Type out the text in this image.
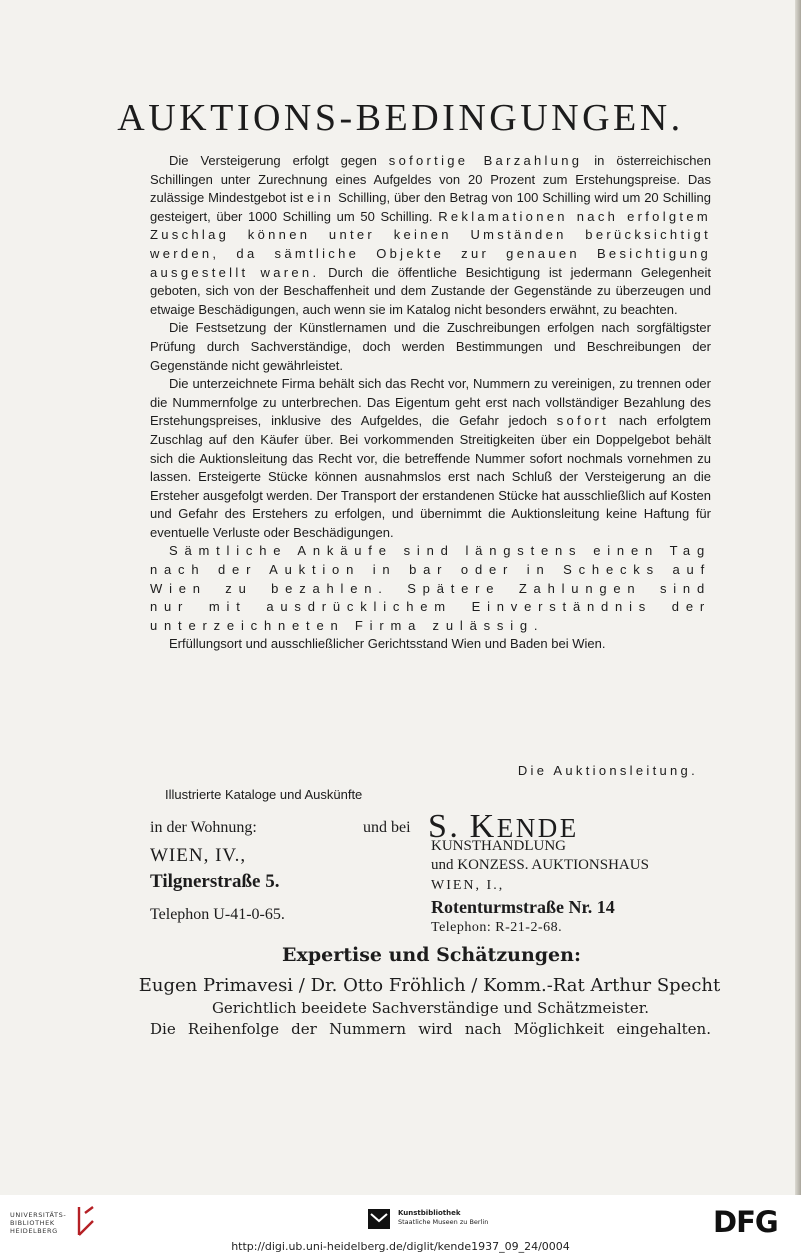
AUKTIONS-BEDINGUNGEN.

Die Versteigerung erfolgt gegen sofortige Barzahlung in österreichischen Schillingen unter Zurechnung eines Aufgeldes von 20 Prozent zum Erstehungspreise. Das zulässige Mindestgebot ist ein Schilling, über den Betrag von 100 Schilling wird um 20 Schilling gesteigert, über 1000 Schilling um 50 Schilling. Reklamationen nach erfolgtem Zuschlag können unter keinen Umständen berücksichtigt werden, da sämtliche Objekte zur genauen Besichtigung ausgestellt waren. Durch die öffentliche Besichtigung ist jedermann Gelegenheit geboten, sich von der Beschaffenheit und dem Zustande der Gegenstände zu überzeugen und etwaige Beschädigungen, auch wenn sie im Katalog nicht besonders erwähnt, zu beachten.

Die Festsetzung der Künstlernamen und die Zuschreibungen erfolgen nach sorgfältigster Prüfung durch Sachverständige, doch werden Bestimmungen und Beschreibungen der Gegenstände nicht gewährleistet.

Die unterzeichnete Firma behält sich das Recht vor, Nummern zu vereinigen, zu trennen oder die Nummernfolge zu unterbrechen. Das Eigentum geht erst nach vollständiger Bezahlung des Erstehungspreises, inklusive des Aufgeldes, die Gefahr jedoch sofort nach erfolgtem Zuschlag auf den Käufer über. Bei vorkommenden Streitigkeiten über ein Doppelgebot behält sich die Auktionsleitung das Recht vor, die betreffende Nummer sofort nochmals vornehmen zu lassen. Ersteigerte Stücke können ausnahmslos erst nach Schluß der Versteigerung an die Ersteher ausgefolgt werden. Der Transport der erstandenen Stücke hat ausschließlich auf Kosten und Gefahr des Erstehers zu erfolgen, und übernimmt die Auktionsleitung keine Haftung für eventuelle Verluste oder Beschädigungen.

Sämtliche Ankäufe sind längstens einen Tag nach der Auktion in bar oder in Schecks auf Wien zu bezahlen. Spätere Zahlungen sind nur mit ausdrücklichem Einverständnis der unterzeichneten Firma zulässig.

Erfüllungsort und ausschließlicher Gerichtsstand Wien und Baden bei Wien.

Die Auktionsleitung.
Illustrierte Kataloge und Auskünfte
in der Wohnung:
WIEN, IV.,
Tilgnerstraße 5.
Telephon U-41-0-65.
und bei S. KENDE
KUNSTHANDLUNG
und KONZESS. AUKTIONSHAUS
WIEN, I.,
Rotenturmstraße Nr. 14
Telephon: R-21-2-68.
Expertise und Schätzungen:
Eugen Primavesi / Dr. Otto Fröhlich / Komm.-Rat Arthur Specht
Gerichtlich beeidete Sachverständige und Schätzmeister.
Die Reihenfolge der Nummern wird nach Möglichkeit eingehalten.
UNIVERSITÄTS-
BIBLIOTHEK
HEIDELBERG
Kunstbibliothek
Staatliche Museen zu Berlin	DFG
http://digi.ub.uni-heidelberg.de/diglit/kende1937_09_24/0004
